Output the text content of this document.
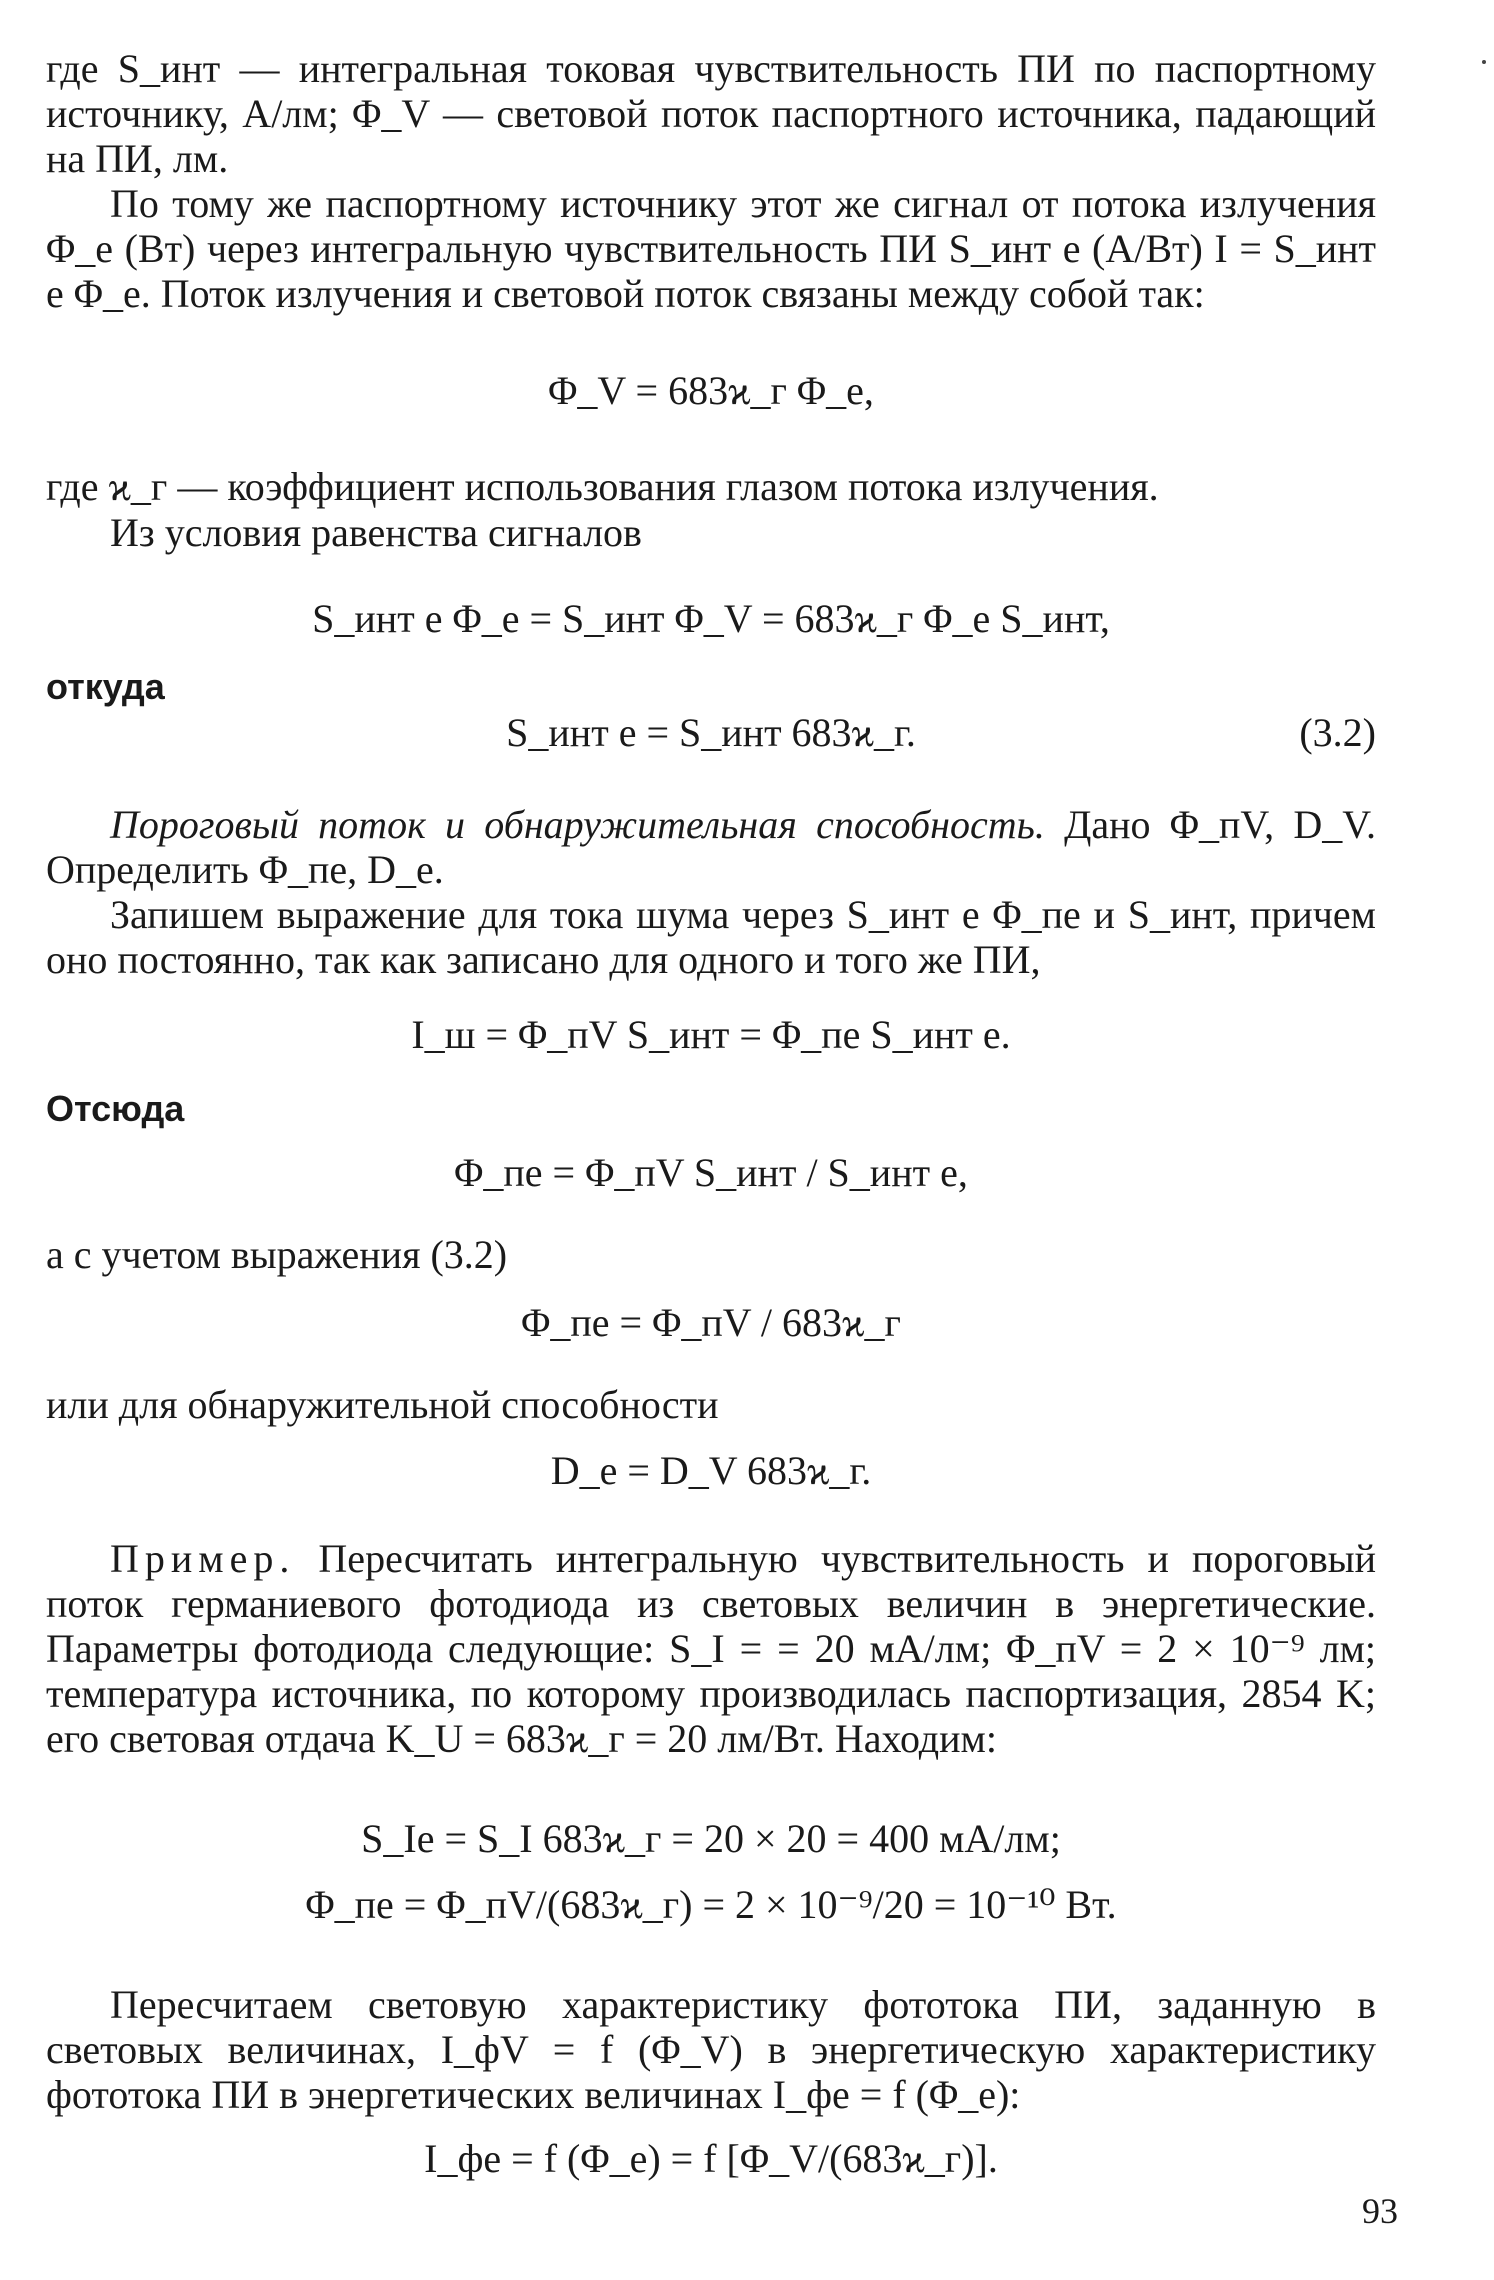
где S_инт — интегральная токовая чувствительность ПИ по паспортному источнику, А/лм; Φ_V — световой поток паспортного источника, падающий на ПИ, лм.

По тому же паспортному источнику этот же сигнал от потока излучения Φ_e (Вт) через интегральную чувствительность ПИ S_инт e (А/Вт) I = S_инт e Φ_e. Поток излучения и световой поток связаны между собой так:

Φ_V = 683ϰ_г Φ_e,

где ϰ_г — коэффициент использования глазом потока излучения.

Из условия равенства сигналов

S_инт e Φ_e = S_инт Φ_V = 683ϰ_г Φ_e S_инт,

откуда

S_инт e = S_инт 683ϰ_г.	(3.2)

Пороговый поток и обнаружительная способность. Дано Φ_пV, D_V. Определить Φ_пе, D_e.

Запишем выражение для тока шума через S_инт e Φ_пе и S_инт, причем оно постоянно, так как записано для одного и того же ПИ,

I_ш = Φ_пV S_инт = Φ_пе S_инт e.

Отсюда

Φ_пе = Φ_пV S_инт / S_инт e,

а с учетом выражения (3.2)

Φ_пе = Φ_пV / 683ϰ_г

или для обнаружительной способности

D_e = D_V 683ϰ_г.

Пример. Пересчитать интегральную чувствительность и пороговый поток германиевого фотодиода из световых величин в энергетические. Параметры фотодиода следующие: S_I = = 20 мА/лм; Φ_пV = 2 × 10⁻⁹ лм; температура источника, по которому производилась паспортизация, 2854 K; его световая отдача K_U = 683ϰ_г = 20 лм/Вт. Находим:

S_Ie = S_I 683ϰ_г = 20 × 20 = 400 мА/лм;

Φ_пе = Φ_пV/(683ϰ_г) = 2 × 10⁻⁹/20 = 10⁻¹⁰ Вт.

Пересчитаем световую характеристику фототока ПИ, заданную в световых величинах, I_фV = f (Φ_V) в энергетическую характеристику фототока ПИ в энергетических величинах I_фе = f (Φ_e):

I_фе = f (Φ_e) = f [Φ_V/(683ϰ_г)].

93
